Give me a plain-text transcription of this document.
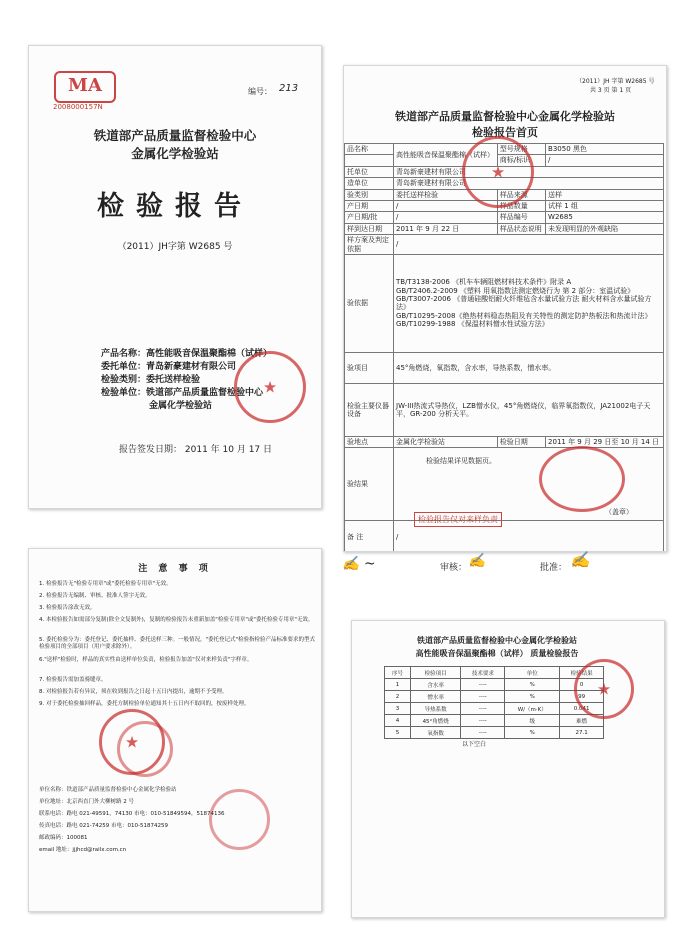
MA
2008000157N
编号： 213
铁道部产品质量监督检验中心
金属化学检验站
检验报告
（2011）JH字第 W2685 号
产品名称：高性能吸音保温聚酯棉（试样）
委托单位：青岛新豪建材有限公司
检验类别：委托送样检验
检验单位：铁道部产品质量监督检验中心
金属化学检验站
★
报告签发日期： 2011 年 10 月 17 日
（2011）JH 字第 W2685 号
共 3 页 第 1 页
铁道部产品质量监督检验中心金属化学检验站
检验报告首页
品名称	高性能吸音保温聚酯棉（试样）	型号规格	B3050 黑色
		商标/标识	/
托单位	青岛新豪建材有限公司		
造单位	青岛新豪建材有限公司		
验类别	委托送样检验	样品来源	送样
产日期	/	样品数量	试样 1 组
产日期/批	/	样品编号	W2685
样到达日期	2011 年 9 月 22 日	样品状态说明	未发现明显的外观缺陷
样方案及判定依据	/		
验依据	TB/T3138-2006 《机车车辆阻燃材料技术条件》附录 A
GB/T2406.2-2009 《塑料 用氧指数法测定燃烧行为 第 2 部分：室温试验》
GB/T3007-2006 《普通硅酸铝耐火纤维毡含水量试验方法 耐火材料含水量试验方法》
GB/T10295-2008《绝热材料稳态热阻及有关特性的测定防护热板法和热流计法》
GB/T10299-1988 《保温材料憎水性试验方法》		

验项目	45°角燃烧，氧指数，含水率，导热系数，憎水率。		
检验主要仪器设备	JW-III热流式导热仪，LZB憎水仪，45°角燃烧仪，临界氧指数仪，JA21002电子天平，GR-200 分析天平。		
验地点	金属化学检验站	检验日期	2011 年 9 月 29 日至 10 月 14 日
验结果	检验结果详见数据页。
（盖章）		

备 注	/		
★
检验报告仅对来样负责
✍ ~	审核： ✍	批准： ✍
注 意 事 项
1. 检验报告无"检验专用章"或"委托检验专用章"无效。
2. 检验报告无编制、审核、批准人签字无效。
3. 检验报告涂改无效。
4. 本检验报告如需部分复制(除全文复制外)，复制的检验报告未重新加盖"检验专用章"或"委托检验专用章"无效。
5. 委托检验分为：委托登记、委托抽样、委托送样三种。一般情况，"委托登记式"检验指检验产品标准要求的型式检验项目的全部项目（用户要求除外）。
6."送样"检验时，样品的真实性由送样单位负责，检验报告加盖"仅对来样负责"字样章。
7. 检验报告需加盖骑缝章。
8. 对检验报告若有异议，须在收到报告之日起十五日内提出，逾期不予受理。
9. 对于委托检验抽回样品，委托方制检验单位通知其十五日内不取回的，按废样处理。
★
单位名称：铁道部产品质量监督检验中心金属化学检验站
单位地址：北京西直门外大柳树路 2 号
联系电话：路电 021-49591，74130 市电：010-51849594，51874136
传真电话：路电 021-74259 市电：010-51874259
邮政编码：100081
email 地址：jjjhcd@railx.com.cn
铁道部产品质量监督检验中心金属化学检验站
高性能吸音保温聚酯棉（试样） 质量检验报告
序号	检验项目	技术要求	单位	检验结果
1	含水率	----	%	0
2	憎水率	----	%	99
3	导热系数	----	W/（m·K）	0.041
4	45°角燃烧	----	级	难燃
5	氧指数	----	%	27.1
以下空白
★
